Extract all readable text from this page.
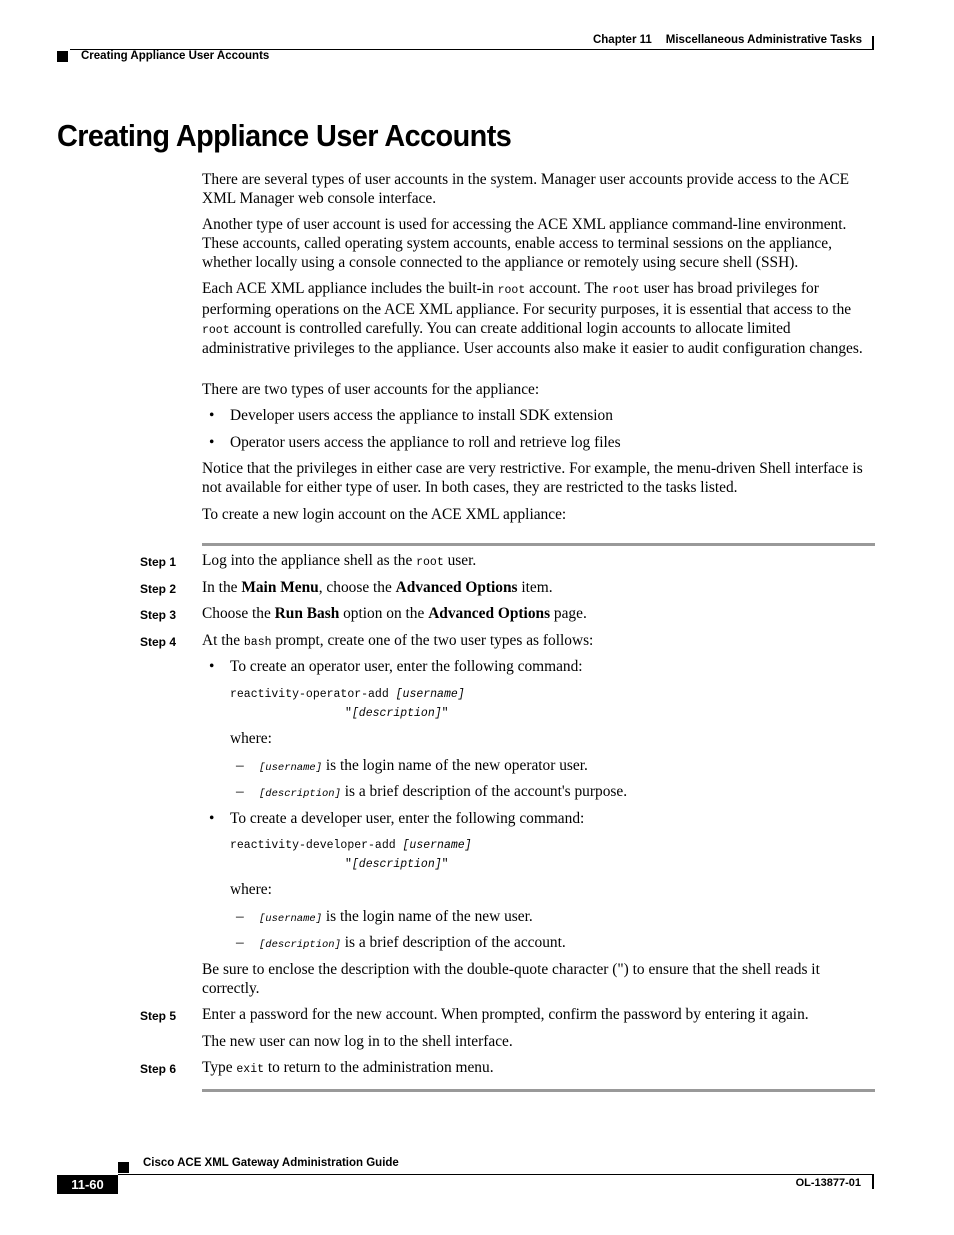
Chapter 11 Miscellaneous Administrative Tasks
Creating Appliance User Accounts
Creating Appliance User Accounts

There are several types of user accounts in the system. Manager user accounts provide access to the ACE XML Manager web console interface.

Another type of user account is used for accessing the ACE XML appliance command-line environment. These accounts, called operating system accounts, enable access to terminal sessions on the appliance, whether locally using a console connected to the appliance or remotely using secure shell (SSH).

Each ACE XML appliance includes the built-in root account. The root user has broad privileges for performing operations on the ACE XML appliance. For security purposes, it is essential that access to the root account is controlled carefully. You can create additional login accounts to allocate limited administrative privileges to the appliance. User accounts also make it easier to audit configuration changes.

There are two types of user accounts for the appliance:

• Developer users access the appliance to install SDK extension
• Operator users access the appliance to roll and retrieve log files

Notice that the privileges in either case are very restrictive. For example, the menu-driven Shell interface is not available for either type of user. In both cases, they are restricted to the tasks listed.

To create a new login account on the ACE XML appliance:

Step 1 Log into the appliance shell as the root user.
Step 2 In the Main Menu, choose the Advanced Options item.
Step 3 Choose the Run Bash option on the Advanced Options page.
Step 4 At the bash prompt, create one of the two user types as follows:
• To create an operator user, enter the following command:
reactivity-operator-add [username]
"[description]"
where:
– [username] is the login name of the new operator user.
– [description] is a brief description of the account's purpose.
• To create a developer user, enter the following command:
reactivity-developer-add [username]
"[description]"
where:
– [username] is the login name of the new user.
– [description] is a brief description of the account.

Be sure to enclose the description with the double-quote character (") to ensure that the shell reads it correctly.

Step 5 Enter a password for the new account. When prompted, confirm the password by entering it again.
The new user can now log in to the shell interface.
Step 6 Type exit to return to the administration menu.
Cisco ACE XML Gateway Administration Guide
11-60	OL-13877-01
